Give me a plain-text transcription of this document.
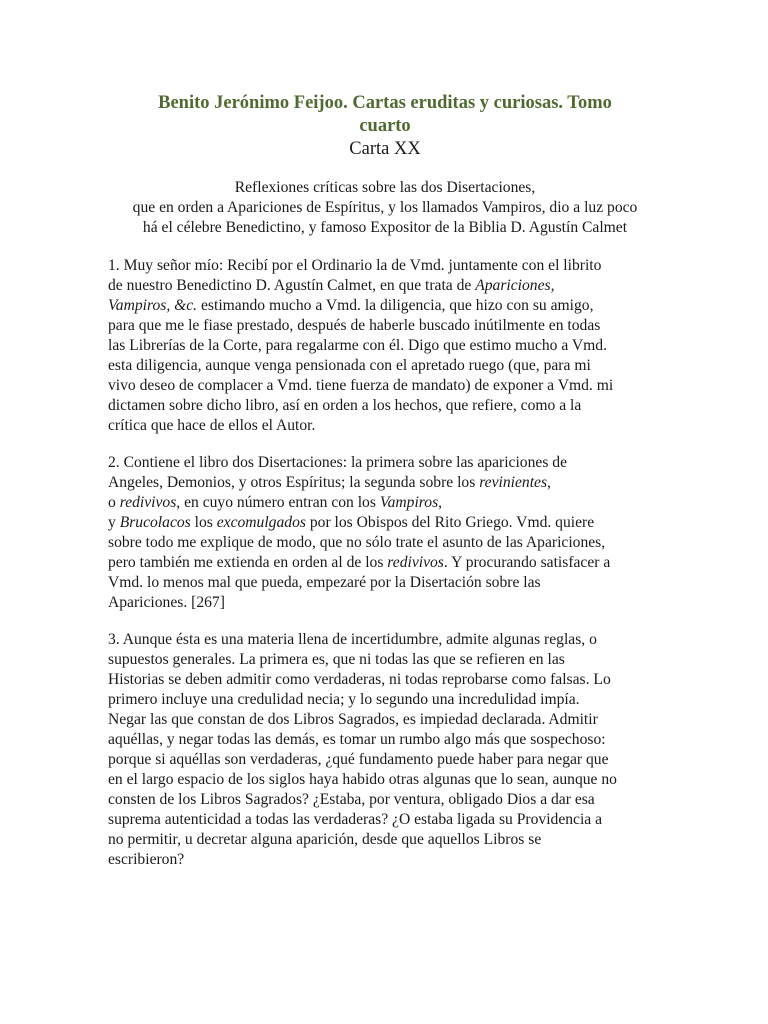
Benito Jerónimo Feijoo. Cartas eruditas y curiosas. Tomo
cuarto
Carta XX
Reflexiones críticas sobre las dos Disertaciones,
que en orden a Apariciones de Espíritus, y los llamados Vampiros, dio a luz poco
há el célebre Benedictino, y famoso Expositor de la Biblia D. Agustín Calmet
1. Muy señor mío: Recibí por el Ordinario la de Vmd. juntamente con el librito
de nuestro Benedictino D. Agustín Calmet, en que trata de Apariciones,
Vampiros, &c. estimando mucho a Vmd. la diligencia, que hizo con su amigo,
para que me le fiase prestado, después de haberle buscado inútilmente en todas
las Librerías de la Corte, para regalarme con él. Digo que estimo mucho a Vmd.
esta diligencia, aunque venga pensionada con el apretado ruego (que, para mi
vivo deseo de complacer a Vmd. tiene fuerza de mandato) de exponer a Vmd. mi
dictamen sobre dicho libro, así en orden a los hechos, que refiere, como a la
crítica que hace de ellos el Autor.
2. Contiene el libro dos Disertaciones: la primera sobre las apariciones de
Angeles, Demonios, y otros Espíritus; la segunda sobre los revinientes,
o redivivos, en cuyo número entran con los Vampiros,
y Brucolacos los excomulgados por los Obispos del Rito Griego. Vmd. quiere
sobre todo me explique de modo, que no sólo trate el asunto de las Apariciones,
pero también me extienda en orden al de los redivivos. Y procurando satisfacer a
Vmd. lo menos mal que pueda, empezaré por la Disertación sobre las
Apariciones. [267]
3. Aunque ésta es una materia llena de incertidumbre, admite algunas reglas, o
supuestos generales. La primera es, que ni todas las que se refieren en las
Historias se deben admitir como verdaderas, ni todas reprobarse como falsas. Lo
primero incluye una credulidad necia; y lo segundo una incredulidad impía.
Negar las que constan de dos Libros Sagrados, es impiedad declarada. Admitir
aquéllas, y negar todas las demás, es tomar un rumbo algo más que sospechoso:
porque si aquéllas son verdaderas, ¿qué fundamento puede haber para negar que
en el largo espacio de los siglos haya habido otras algunas que lo sean, aunque no
consten de los Libros Sagrados? ¿Estaba, por ventura, obligado Dios a dar esa
suprema autenticidad a todas las verdaderas? ¿O estaba ligada su Providencia a
no permitir, u decretar alguna aparición, desde que aquellos Libros se
escribieron?
